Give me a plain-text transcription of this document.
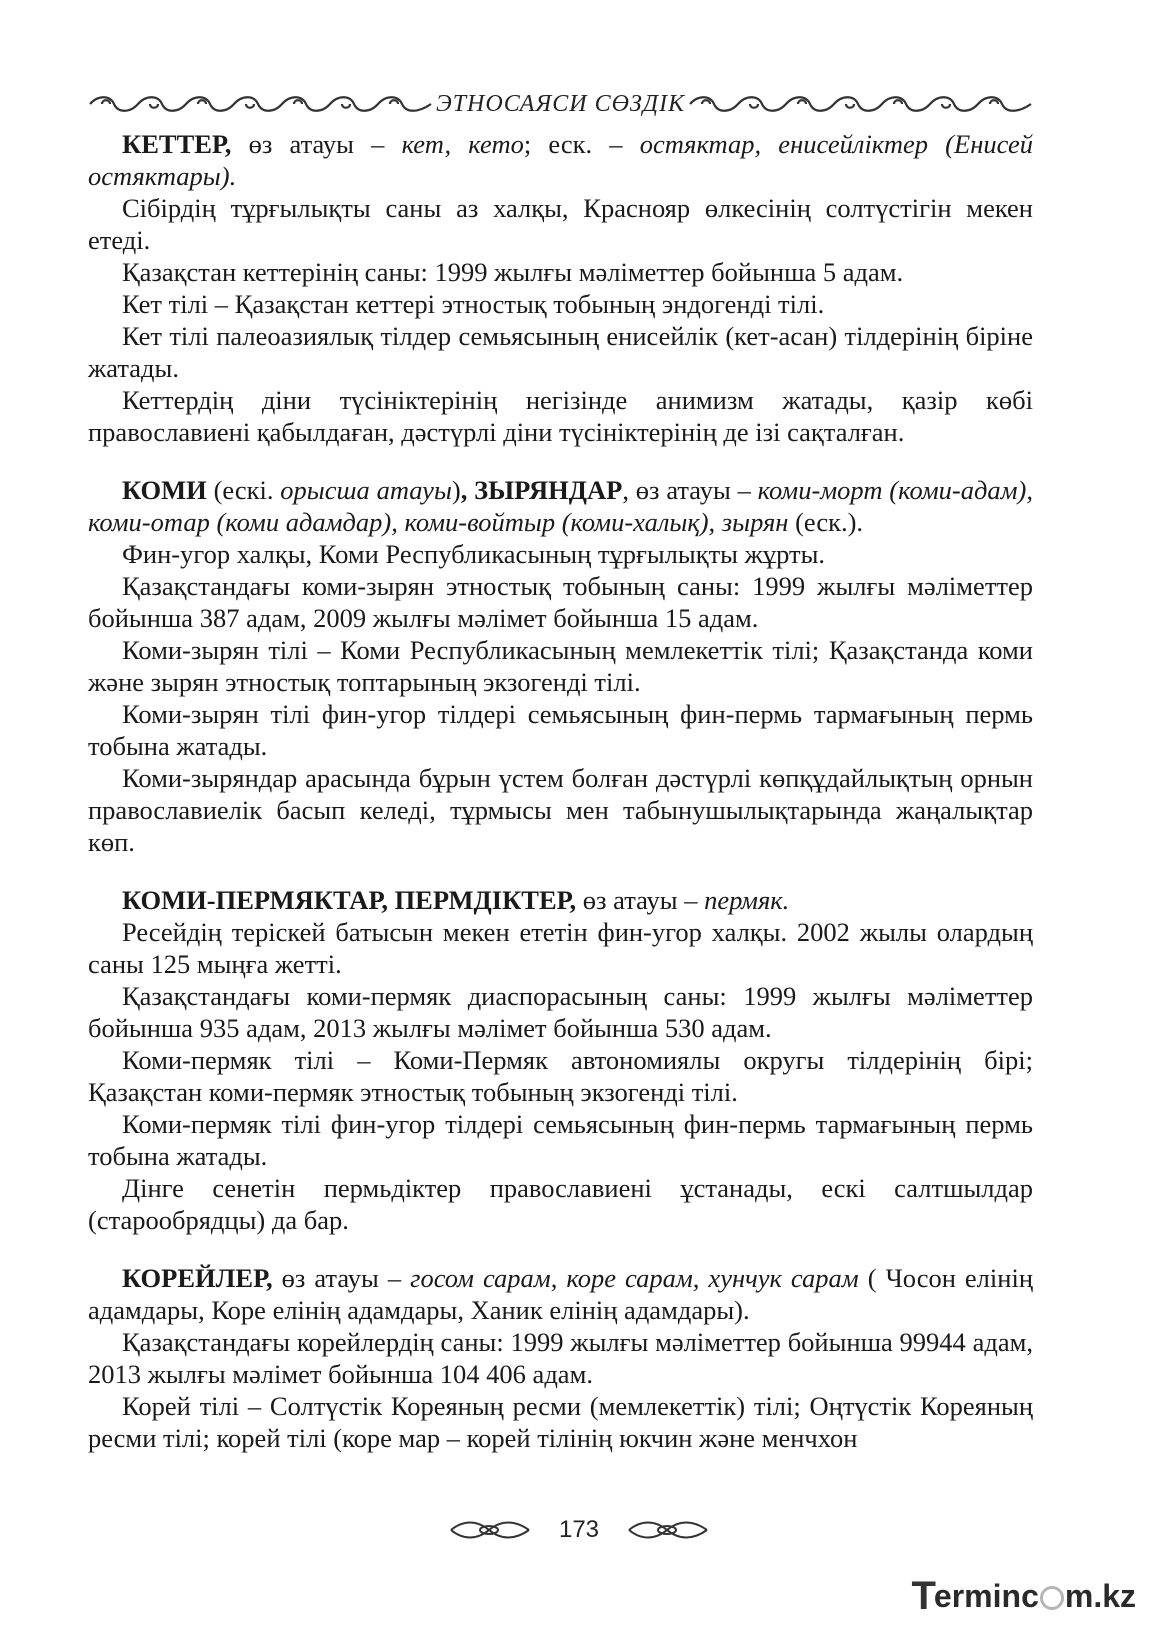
ЭТНОСАЯСИ СӨЗДІК

КЕТТЕР, өз атауы – кет, кето; еск. – остяктар, енисейліктер (Енисей остяктары).

Сібірдің тұрғылықты саны аз халқы, Краснояр өлкесінің солтүстігін мекен етеді.

Қазақстан кеттерінің саны: 1999 жылғы мәліметтер бойынша 5 адам.

Кет тілі – Қазақстан кеттері этностық тобының эндогенді тілі.

Кет тілі палеоазиялық тілдер семьясының енисейлік (кет-асан) тілдерінің біріне жатады.

Кеттердің діни түсініктерінің негізінде анимизм жатады, қазір көбі православиені қабылдаған, дәстүрлі діни түсініктерінің де ізі сақталған.

КОМИ (ескі. орысша атауы), ЗЫРЯНДАР, өз атауы – коми-морт (коми-адам), коми-отар (коми адамдар), коми-войтыр (коми-халық), зырян (еск.).

Фин-угор халқы, Коми Республикасының тұрғылықты жұрты.

Қазақстандағы коми-зырян этностық тобының саны: 1999 жылғы мәліметтер бойынша 387 адам, 2009 жылғы мәлімет бойынша 15 адам.

Коми-зырян тілі – Коми Республикасының мемлекеттік тілі; Қазақстанда коми және зырян этностық топтарының экзогенді тілі.

Коми-зырян тілі фин-угор тілдері семьясының фин-пермь тармағының пермь тобына жатады.

Коми-зыряндар арасында бұрын үстем болған дәстүрлі көпқұдайлықтың орнын православиелік басып келеді, тұрмысы мен табынушылықтарында жаңалықтар көп.

КОМИ-ПЕРМЯКТАР, ПЕРМДІКТЕР, өз атауы – пермяк.

Ресейдің теріскей батысын мекен ететін фин-угор халқы. 2002 жылы олардың саны 125 мыңға жетті.

Қазақстандағы коми-пермяк диаспорасының саны: 1999 жылғы мәліметтер бойынша 935 адам, 2013 жылғы мәлімет бойынша 530 адам.

Коми-пермяк тілі – Коми-Пермяк автономиялы округы тілдерінің бірі; Қазақстан коми-пермяк этностық тобының экзогенді тілі.

Коми-пермяк тілі фин-угор тілдері семьясының фин-пермь тармағының пермь тобына жатады.

Дінге сенетін пермьдіктер православиені ұстанады, ескі салтшылдар (старообрядцы) да бар.

КОРЕЙЛЕР, өз атауы – госом сарам, коре сарам, хунчук сарам ( Чосон елінің адамдары, Коре елінің адамдары, Ханик елінің адамдары).

Қазақстандағы корейлердің саны: 1999 жылғы мәліметтер бойынша 99944 адам, 2013 жылғы мәлімет бойынша 104 406 адам.

Корей тілі – Солтүстік Кореяның ресми (мемлекеттік) тілі; Оңтүстік Кореяның ресми тілі; корей тілі (коре мар – корей тілінің юкчин және менчхон

173
T
erminc m.kz
